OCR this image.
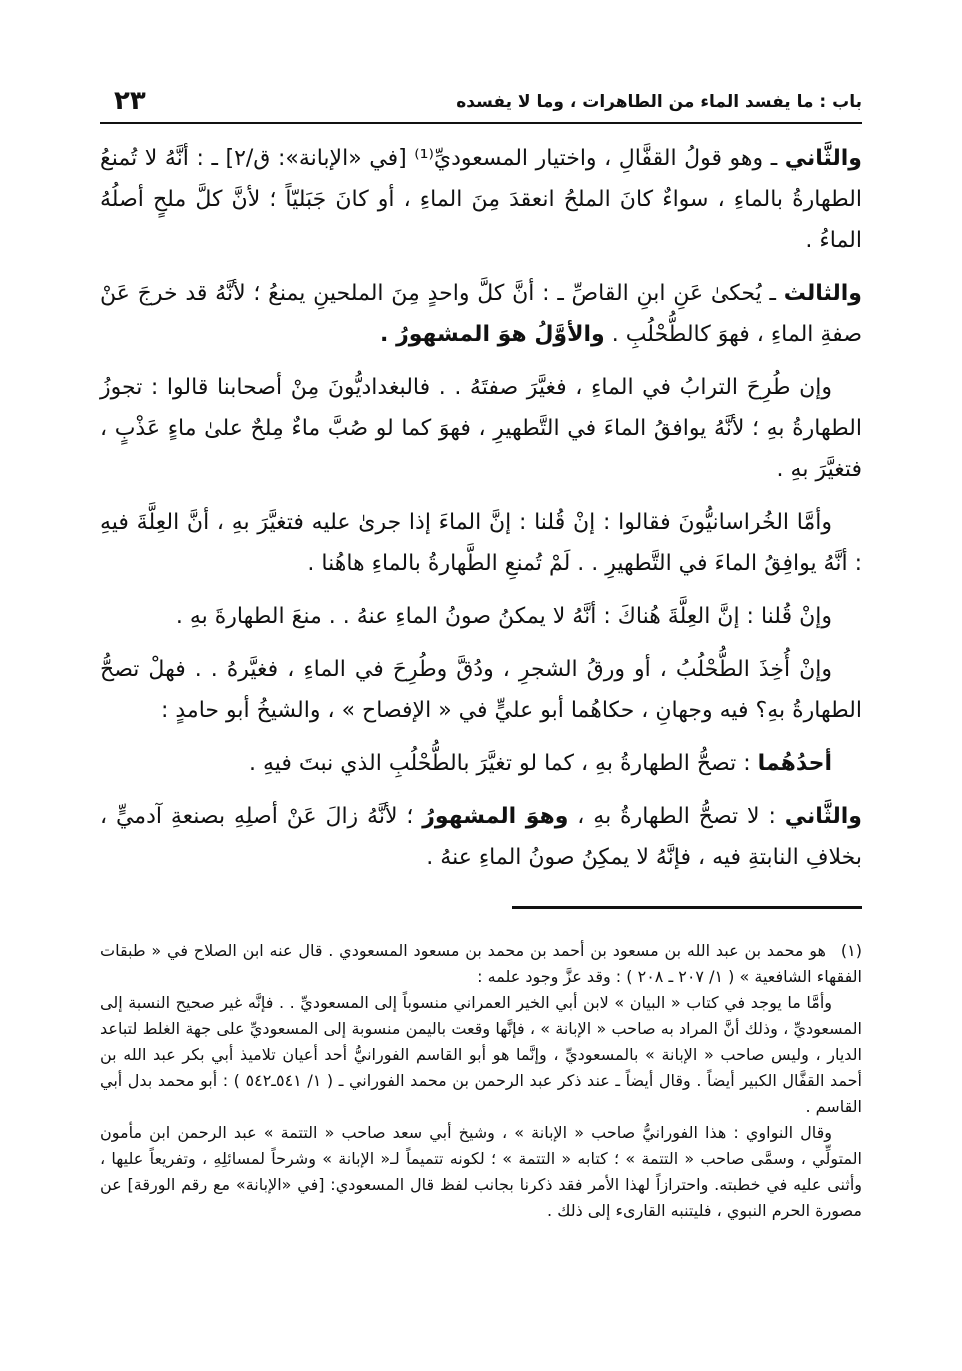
باب : ما يفسد الماء من الطاهرات ، وما لا يفسده
٢٣

والثَّاني ـ وهو قولُ القفَّالِ ، واختيار المسعوديِّ⁽¹⁾ [في «الإبانة»: ق/٢] ـ : أنَّهُ لا تُمنعُ الطهارةُ بالماءِ ، سواءٌ كانَ الملحُ انعقدَ مِنَ الماءِ ، أو كانَ جَبَليّاً ؛ لأنَّ كلَّ ملحٍ أصلُهُ الماءُ .

والثالث ـ يُحكىٰ عَنِ ابنِ القاصِّ ـ : أنَّ كلَّ واحدٍ مِنَ الملحينِ يمنعُ ؛ لأنَّهُ قد خرجَ عَنْ صفةِ الماءِ ، فهوَ كالطُّحْلُبِ . والأوَّلُ هوَ المشهورُ .

وإن طُرِحَ الترابُ في الماءِ ، فغيَّرَ صفتَهُ . . فالبغداديُّونَ مِنْ أصحابنا قالوا : تجوزُ الطهارةُ بهِ ؛ لأنَّهُ يوافقُ الماءَ في التَّطهيرِ ، فهوَ كما لو صُبَّ ماءٌ مِلحٌ علىٰ ماءٍ عَذْبٍ ، فتغيَّرَ بهِ .

وأمَّا الخُراسانيُّونَ فقالوا : إنْ قُلنا : إنَّ الماءَ إذا جرىٰ عليه فتغيَّرَ بهِ ، أنَّ العِلَّةَ فيهِ : أنَّهُ يوافِقُ الماءَ في التَّطهيرِ . . لَمْ تُمنعِ الطَّهارةُ بالماءِ هاهُنا .

وإنْ قُلنا : إنَّ العِلَّةَ هُناكَ : أنَّهُ لا يمكنُ صونُ الماءِ عنهُ . . منعَ الطهارةَ بهِ .

وإنْ أُخِذَ الطُّحْلُبُ ، أو ورقُ الشجرِ ، ودُقَّ وطُرِحَ في الماءِ ، فغيَّرهُ . . فهلْ تصحُّ الطهارةُ بهِ؟ فيه وجهانِ ، حكاهُما أبو عليٍّ في « الإفصاح » ، والشيخُ أبو حامدٍ :

أحدُهُما : تصحُّ الطهارةُ بهِ ، كما لو تغيَّرَ بالطُّحْلُبِ الذي نبتَ فيهِ .

والثَّاني : لا تصحُّ الطهارةُ بهِ ، وهوَ المشهورُ ؛ لأنَّهُ زالَ عَنْ أصلِهِ بصنعةِ آدميٍّ ، بخلافِ النابتةِ فيه ، فإنَّهُ لا يمكِنُ صونُ الماءِ عنهُ .

(١)هو محمد بن عبد الله بن مسعود بن أحمد بن محمد بن مسعود المسعودي . قال عنه ابن الصلاح في « طبقات الفقهاء الشافعية » ( ١/ ٢٠٧ ـ ٢٠٨ ) : وقد عزَّ وجود علمه :

وأمَّا ما يوجد في كتاب « البيان » لابن أبي الخير العمراني منسوباً إلى المسعوديِّ . . فإنَّه غير صحيح النسبة إلى المسعوديِّ ، وذلك أنَّ المراد به صاحب « الإبانة » ، فإنَّها وقعت باليمن منسوبة إلى المسعوديِّ على جهة الغلط لتباعد الديار ، وليس صاحب « الإبانة » بالمسعوديِّ ، وإنَّما هو أبو القاسم الفورانيُّ أحد أعيان تلاميذ أبي بكر عبد الله بن أحمد القفَّال الكبير أيضاً . وقال أيضاً ـ عند ذكر عبد الرحمن بن محمد الفوراني ـ ( ١/ ٥٤١ـ٥٤٢ ) : أبو محمد بدل أبي القاسم .

وقال النواوي : هذا الفورانيُّ صاحب « الإبانة » ، وشيخ أبي سعد صاحب « التتمة » عبد الرحمن ابن مأمون المتولِّي ، وسمَّى صاحب « التتمة » ؛ كتابه « التتمة » ؛ لكونه تتميماً لـ« الإبانة » وشرحاً لمسائلِهِ ، وتفريعاً عليها ، وأثنى عليه في خطبته. واحترازاً لهذا الأمر فقد ذكرنا بجانب لفظ قال المسعودي: [في «الإبانة» مع رقم الورقة] عن مصورة الحرم النبوي ، فليتنبه القارىء إلى ذلك .
